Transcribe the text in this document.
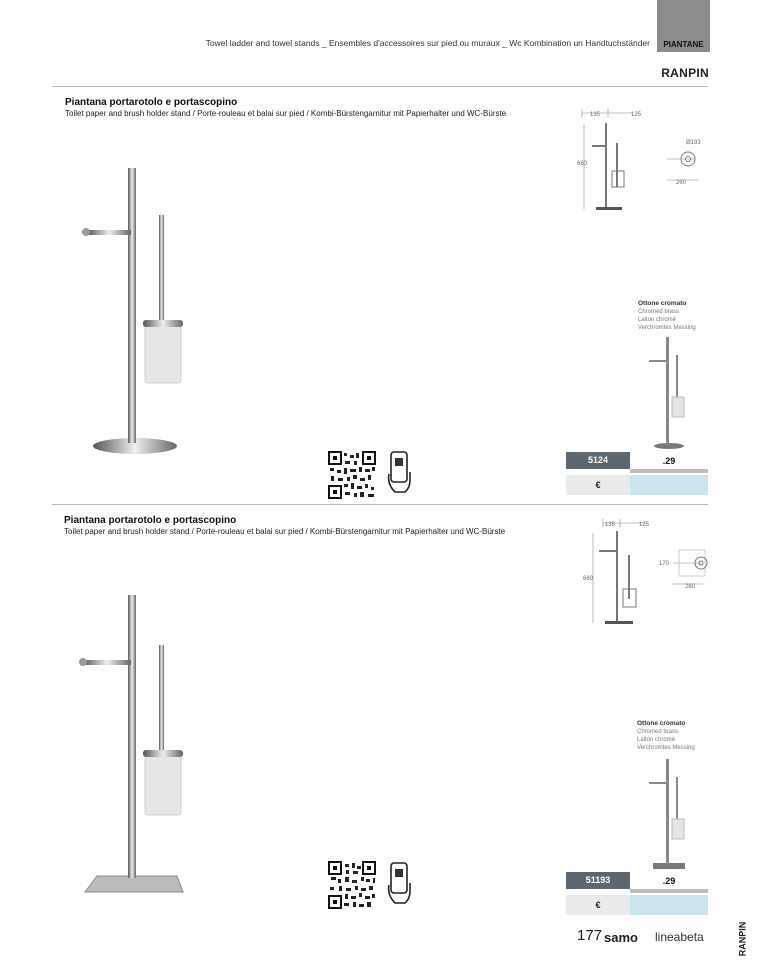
Towel ladder and towel stands _ Ensembles d'accessoires sur pied ou muraux _ Wc Kombination un Handtuchständer	PIANTANE
RANPIN
Piantana portarotolo e portascopino
Toilet paper and brush holder stand / Porte-rouleau et balai sur pied / Kombi-Bürstengarnitur mit Papierhalter und WC-Bürste	135	125
660
Ø193
260
Ottone cromato
Chromed brass
Laiton chromé
Verchromtes Messing
5124	.29
€
Piantana portarotolo e portascopino
Toilet paper and brush holder stand / Porte-rouleau et balai sur pied / Kombi-Bürstengarnitur mit Papierhalter und WC-Bürste
135	125
660
170
260
Ottone cromato
Chromed brass
Laiton chromé
Verchromtes Messing
51193	.29
€
177 samo lineabeta	RANPIN
